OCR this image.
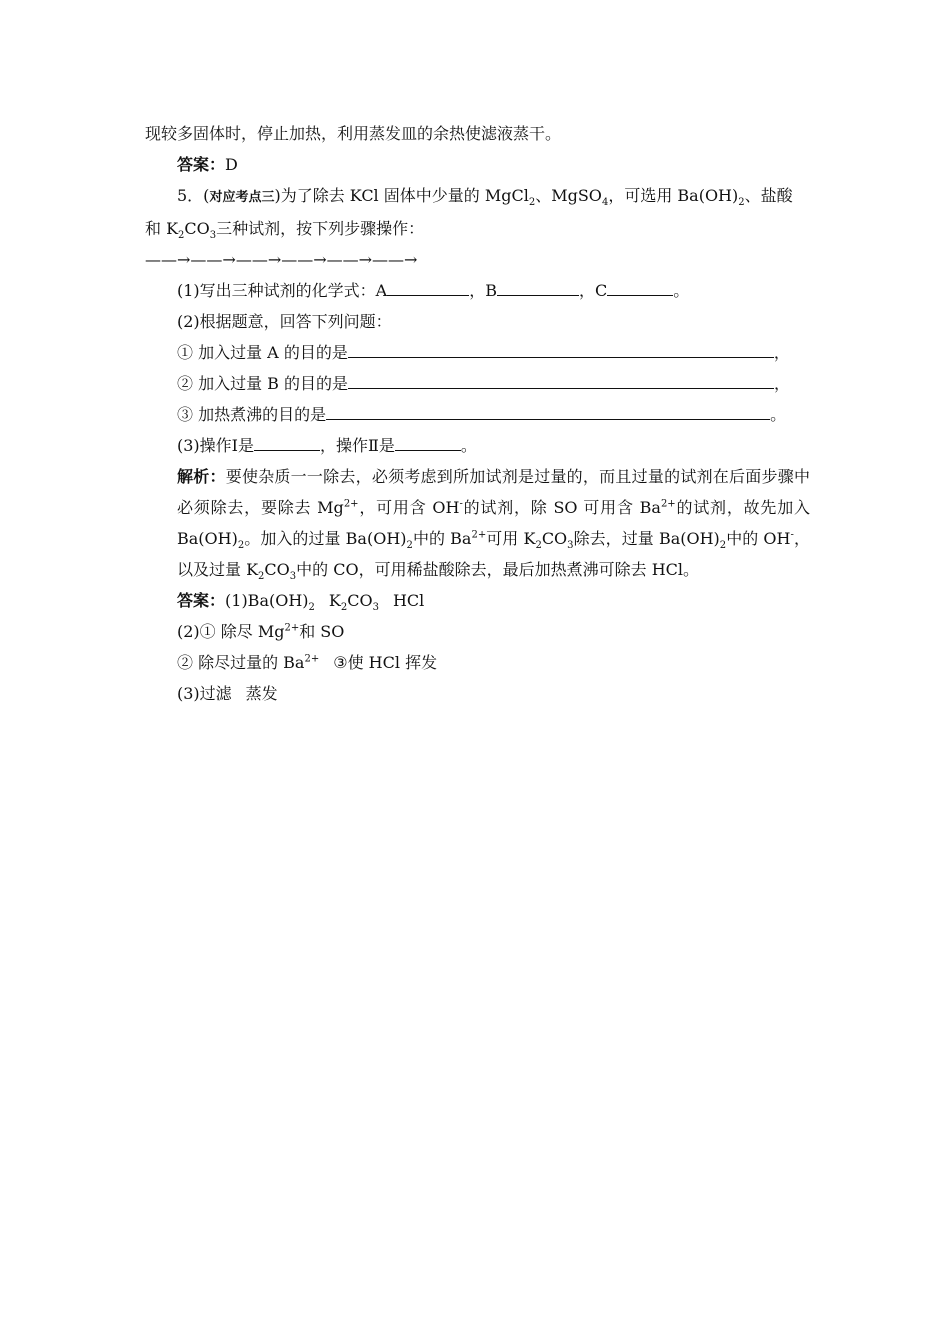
现较多固体时，停止加热，利用蒸发皿的余热使滤液蒸干。
答案：D
5．(对应考点三)为了除去 KCl 固体中少量的 MgCl$_2$、MgSO$_4$，可选用 $Ba(OH)_2$、盐酸
和 $K_2CO_3$三种试剂，按下列步骤操作：
——→——→——→——→——→——→
(1)写出三种试剂的化学式：A	，B	，C	。
(2)根据题意，回答下列问题：
① 加入过量 A 的目的是	，
② 加入过量 B 的目的是	，
③ 加热煮沸的目的是	。
(3)操作Ⅰ是	，操作Ⅱ是	。
解析：要使杂质一一除去，必须考虑到所加试剂是过量的，而且过量的试剂在后面步骤中必须除去，要除去 $Mg^{2+}$，可用含 OH-的试剂，除 SO 可用含 $Ba^{2+}$的试剂，故先加入 $Ba(OH)_2$。加入的过量 $Ba(OH)_2$中的 $Ba^{2+}$可用 $K_2CO_3$除去，过量 $Ba(OH)_2$中的 OH-，以及过量 $K_2CO_3$中的 CO，可用稀盐酸除去，最后加热煮沸可除去 HCl。
答案：$(1)Ba(OH)_2$ $K_2CO_3$ HCl
(2)① 除尽 $Mg^{2+}$和 SO
② 除尽过量的 $Ba^{2+}$ ③使 HCl 挥发
(3)过滤 蒸发
